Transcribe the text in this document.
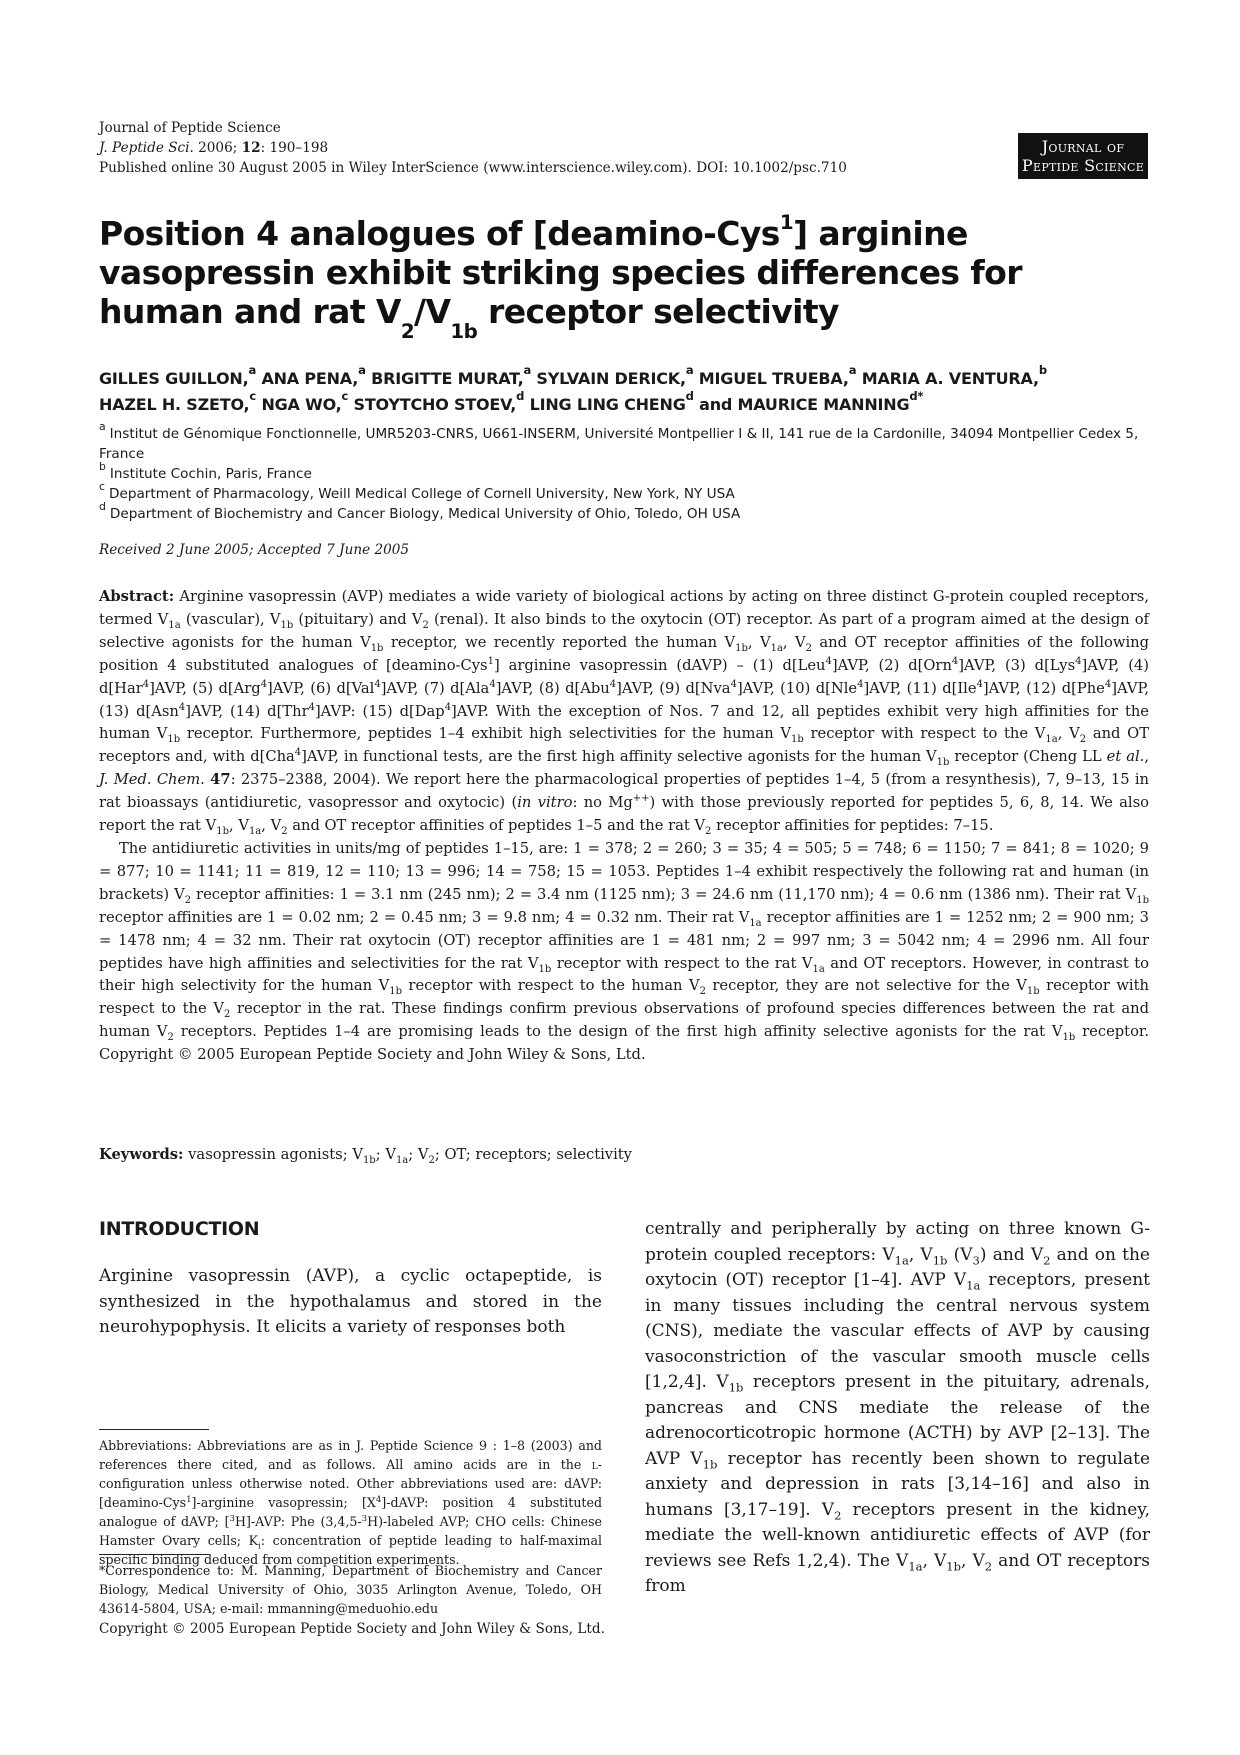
Journal of Peptide Science
J. Peptide Sci. 2006; 12: 190–198
Published online 30 August 2005 in Wiley InterScience (www.interscience.wiley.com). DOI: 10.1002/psc.710
Journal of
Peptide Science
Position 4 analogues of [deamino-Cys$^1$] arginine vasopressin exhibit striking species differences for human and rat $V_2/V_{1b}$ receptor selectivity
GILLES GUILLON,$^a$ ANA PENA,$^a$ BRIGITTE MURAT,$^a$ SYLVAIN DERICK,$^a$ MIGUEL TRUEBA,$^a$ MARIA A. VENTURA,$^b$
HAZEL H. SZETO,$^c$ NGA WO,$^c$ STOYTCHO STOEV,$^d$ LING LING CHENG$^d$ and MAURICE $MANNING^{d*}$
$^a$ Institut de Génomique Fonctionnelle, UMR5203-CNRS, U661-INSERM, Université Montpellier I & II, 141 rue de la Cardonille, 34094 Montpellier Cedex 5, France
$^b$ Institute Cochin, Paris, France
$^c$ Department of Pharmacology, Weill Medical College of Cornell University, New York, NY USA
$^d$ Department of Biochemistry and Cancer Biology, Medical University of Ohio, Toledo, OH USA
Received 2 June 2005; Accepted 7 June 2005

Abstract: Arginine vasopressin (AVP) mediates a wide variety of biological actions by acting on three distinct G-protein coupled receptors, termed $V_{1a}$ (vascular), $V_{1b}$ (pituitary) and $V_2$ (renal). It also binds to the oxytocin (OT) receptor. As part of a program aimed at the design of selective agonists for the human $V_{1b}$ receptor, we recently reported the human $V_{1b}$, $V_{1a}$, $V_2$ and OT receptor affinities of the following position 4 substituted analogues of [deamino-Cys$^1$] arginine vasopressin (dAVP) – (1) d[Leu$^4$]AVP, (2) d[Orn$^4$]AVP, (3) d[Lys$^4$]AVP, (4) d[Har$^4$]AVP, (5) d[Arg$^4$]AVP, (6) d[Val$^4$]AVP, (7) d[Ala$^4$]AVP, (8) d[Abu$^4$]AVP, (9) d[Nva$^4$]AVP, (10) d[Nle$^4$]AVP, (11) d[Ile$^4$]AVP, (12) d[Phe$^4$]AVP, (13) d[Asn$^4$]AVP, (14) d[Thr$^4$]AVP: (15) d[Dap$^4$]AVP. With the exception of Nos. 7 and 12, all peptides exhibit very high affinities for the human $V_{1b}$ receptor. Furthermore, peptides 1–4 exhibit high selectivities for the human $V_{1b}$ receptor with respect to the $V_{1a}$, $V_2$ and OT receptors and, with d[Cha$^4$]AVP, in functional tests, are the first high affinity selective agonists for the human $V_{1b}$ receptor (Cheng LL et al., J. Med. Chem. 47: 2375–2388, 2004). We report here the pharmacological properties of peptides 1–4, 5 (from a resynthesis), 7, 9–13, 15 in rat bioassays (antidiuretic, vasopressor and oxytocic) (in vitro: no Mg++) with those previously reported for peptides 5, 6, 8, 14. We also report the rat $V_{1b}$, $V_{1a}$, $V_2$ and OT receptor affinities of peptides 1–5 and the rat $V_2$ receptor affinities for peptides: 7–15.

The antidiuretic activities in units/mg of peptides 1–15, are: 1 = 378; 2 = 260; 3 = 35; 4 = 505; 5 = 748; 6 = 1150; 7 = 841; 8 = 1020; 9 = 877; 10 = 1141; 11 = 819, 12 = 110; 13 = 996; 14 = 758; 15 = 1053. Peptides 1–4 exhibit respectively the following rat and human (in brackets) $V_2$ receptor affinities: 1 = 3.1 nm (245 nm); 2 = 3.4 nm (1125 nm); 3 = 24.6 nm (11,170 nm); 4 = 0.6 nm (1386 nm). Their rat $V_{1b}$ receptor affinities are 1 = 0.02 nm; 2 = 0.45 nm; 3 = 9.8 nm; 4 = 0.32 nm. Their rat $V_{1a}$ receptor affinities are 1 = 1252 nm; 2 = 900 nm; 3 = 1478 nm; 4 = 32 nm. Their rat oxytocin (OT) receptor affinities are 1 = 481 nm; 2 = 997 nm; 3 = 5042 nm; 4 = 2996 nm. All four peptides have high affinities and selectivities for the rat $V_{1b}$ receptor with respect to the rat $V_{1a}$ and OT receptors. However, in contrast to their high selectivity for the human $V_{1b}$ receptor with respect to the human $V_2$ receptor, they are not selective for the $V_{1b}$ receptor with respect to the $V_2$ receptor in the rat. These findings confirm previous observations of profound species differences between the rat and human $V_2$ receptors. Peptides 1–4 are promising leads to the design of the first high affinity selective agonists for the rat $V_{1b}$ receptor. Copyright © 2005 European Peptide Society and John Wiley & Sons, Ltd.

Keywords: vasopressin agonists; $V_{1b}$; $V_{1a}$; $V_2$; OT; receptors; selectivity
INTRODUCTION

Arginine vasopressin (AVP), a cyclic octapeptide, is synthesized in the hypothalamus and stored in the neurohypophysis. It elicits a variety of responses both

Abbreviations: Abbreviations are as in J. Peptide Science 9 : 1–8 (2003) and references there cited, and as follows. All amino acids are in the l-configuration unless otherwise noted. Other abbreviations used are: dAVP: [deamino-Cys$^1$]-arginine vasopressin; $[X^4]$-dAVP: position 4 substituted analogue of dAVP; [$^3$H]-AVP: Phe (3,4,5-$^3$H)-labeled AVP; CHO cells: Chinese Hamster Ovary cells; $K_i$: concentration of peptide leading to half-maximal specific binding deduced from competition experiments.
*Correspondence to: M. Manning, Department of Biochemistry and Cancer Biology, Medical University of Ohio, 3035 Arlington Avenue, Toledo, OH 43614-5804, USA; e-mail: mmanning@meduohio.edu

centrally and peripherally by acting on three known G-protein coupled receptors: $V_{1a}$, $V_{1b}$ $(V_3)$ and $V_2$ and on the oxytocin (OT) receptor [1–4]. AVP $V_{1a}$ receptors, present in many tissues including the central nervous system (CNS), mediate the vascular effects of AVP by causing vasoconstriction of the vascular smooth muscle cells [1,2,4]. $V_{1b}$ receptors present in the pituitary, adrenals, pancreas and CNS mediate the release of the adrenocorticotropic hormone (ACTH) by AVP [2–13]. The AVP $V_{1b}$ receptor has recently been shown to regulate anxiety and depression in rats [3,14–16] and also in humans [3,17–19]. $V_2$ receptors present in the kidney, mediate the well-known antidiuretic effects of AVP (for reviews see Refs 1,2,4). The $V_{1a}$, $V_{1b}$, $V_2$ and OT receptors from

Copyright © 2005 European Peptide Society and John Wiley & Sons, Ltd.
